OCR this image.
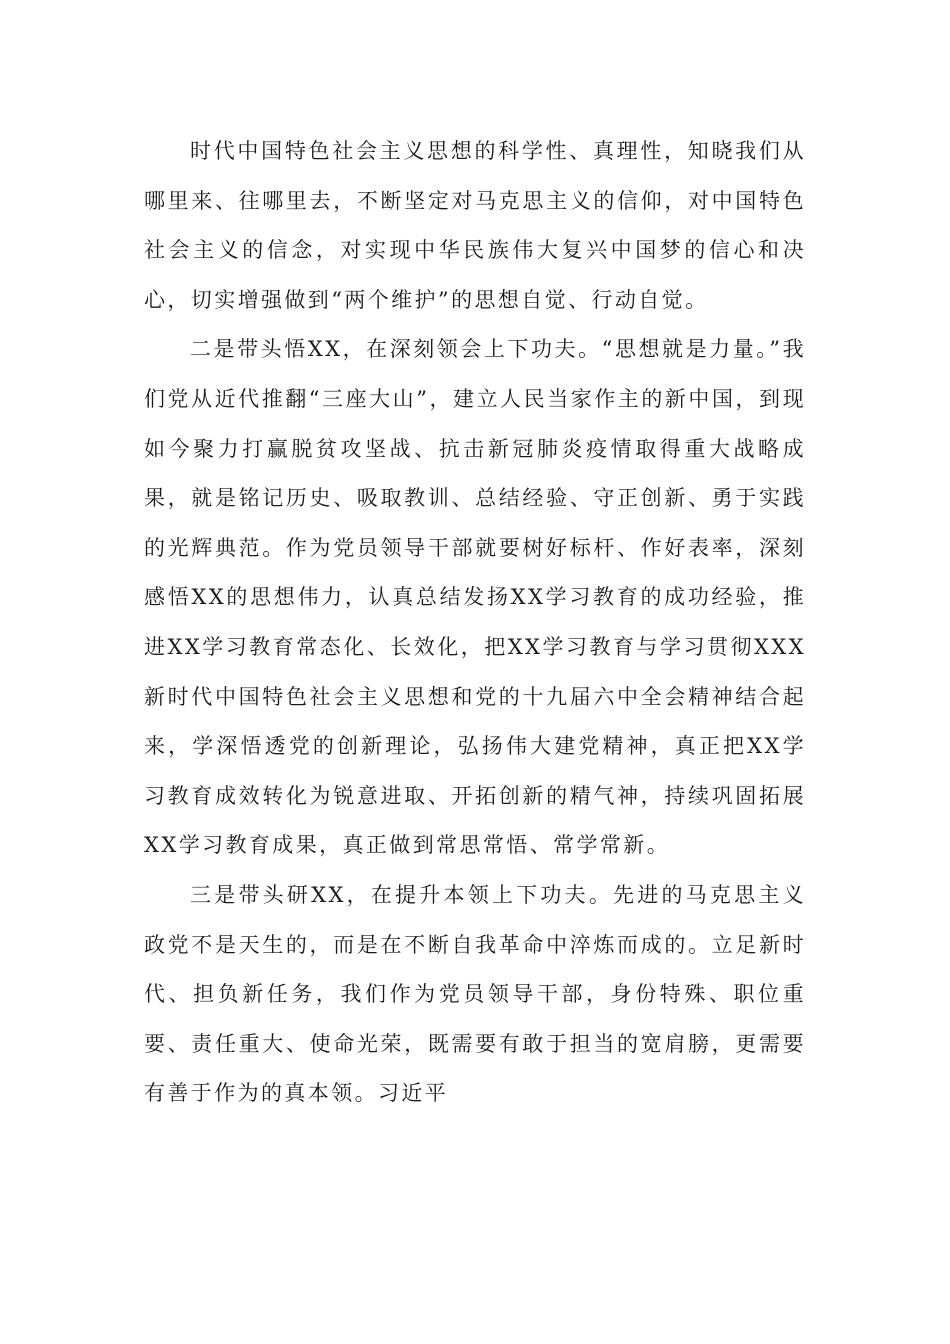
时代中国特色社会主义思想的科学性、真理性，知晓我们从哪里来、往哪里去，不断坚定对马克思主义的信仰，对中国特色社会主义的信念，对实现中华民族伟大复兴中国梦的信心和决心，切实增强做到“两个维护”的思想自觉、行动自觉。

二是带头悟XX，在深刻领会上下功夫。“思想就是力量。”我们党从近代推翻“三座大山”，建立人民当家作主的新中国，到现如今聚力打赢脱贫攻坚战、抗击新冠肺炎疫情取得重大战略成果，就是铭记历史、吸取教训、总结经验、守正创新、勇于实践的光辉典范。作为党员领导干部就要树好标杆、作好表率，深刻感悟XX的思想伟力，认真总结发扬XX学习教育的成功经验，推进XX学习教育常态化、长效化，把XX学习教育与学习贯彻XXX新时代中国特色社会主义思想和党的十九届六中全会精神结合起来，学深悟透党的创新理论，弘扬伟大建党精神，真正把XX学习教育成效转化为锐意进取、开拓创新的精气神，持续巩固拓展XX学习教育成果，真正做到常思常悟、常学常新。

三是带头研XX，在提升本领上下功夫。先进的马克思主义政党不是天生的，而是在不断自我革命中淬炼而成的。立足新时代、担负新任务，我们作为党员领导干部，身份特殊、职位重要、责任重大、使命光荣，既需要有敢于担当的宽肩膀，更需要有善于作为的真本领。习近平
